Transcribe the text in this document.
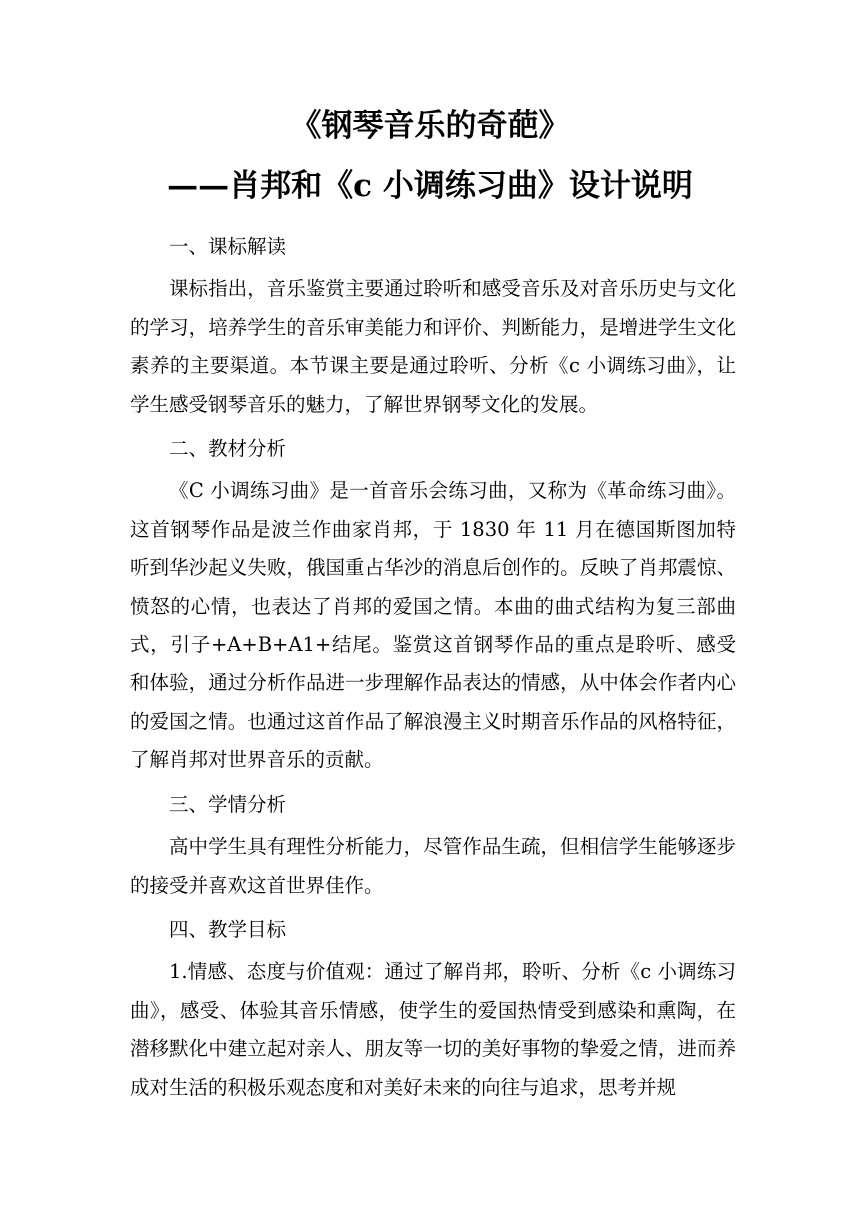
《钢琴音乐的奇葩》
——肖邦和《c 小调练习曲》设计说明
一、课标解读
课标指出，音乐鉴赏主要通过聆听和感受音乐及对音乐历史与文化的学习，培养学生的音乐审美能力和评价、判断能力，是增进学生文化素养的主要渠道。本节课主要是通过聆听、分析《c 小调练习曲》，让学生感受钢琴音乐的魅力，了解世界钢琴文化的发展。
二、教材分析
《C 小调练习曲》是一首音乐会练习曲，又称为《革命练习曲》。这首钢琴作品是波兰作曲家肖邦，于 1830 年 11 月在德国斯图加特听到华沙起义失败，俄国重占华沙的消息后创作的。反映了肖邦震惊、愤怒的心情，也表达了肖邦的爱国之情。本曲的曲式结构为复三部曲式，引子+A+B+A1+结尾。鉴赏这首钢琴作品的重点是聆听、感受和体验，通过分析作品进一步理解作品表达的情感，从中体会作者内心的爱国之情。也通过这首作品了解浪漫主义时期音乐作品的风格特征，了解肖邦对世界音乐的贡献。
三、学情分析
高中学生具有理性分析能力，尽管作品生疏，但相信学生能够逐步的接受并喜欢这首世界佳作。
四、教学目标
1.情感、态度与价值观：通过了解肖邦，聆听、分析《c 小调练习曲》，感受、体验其音乐情感，使学生的爱国热情受到感染和熏陶，在潜移默化中建立起对亲人、朋友等一切的美好事物的挚爱之情，进而养成对生活的积极乐观态度和对美好未来的向往与追求，思考并规
